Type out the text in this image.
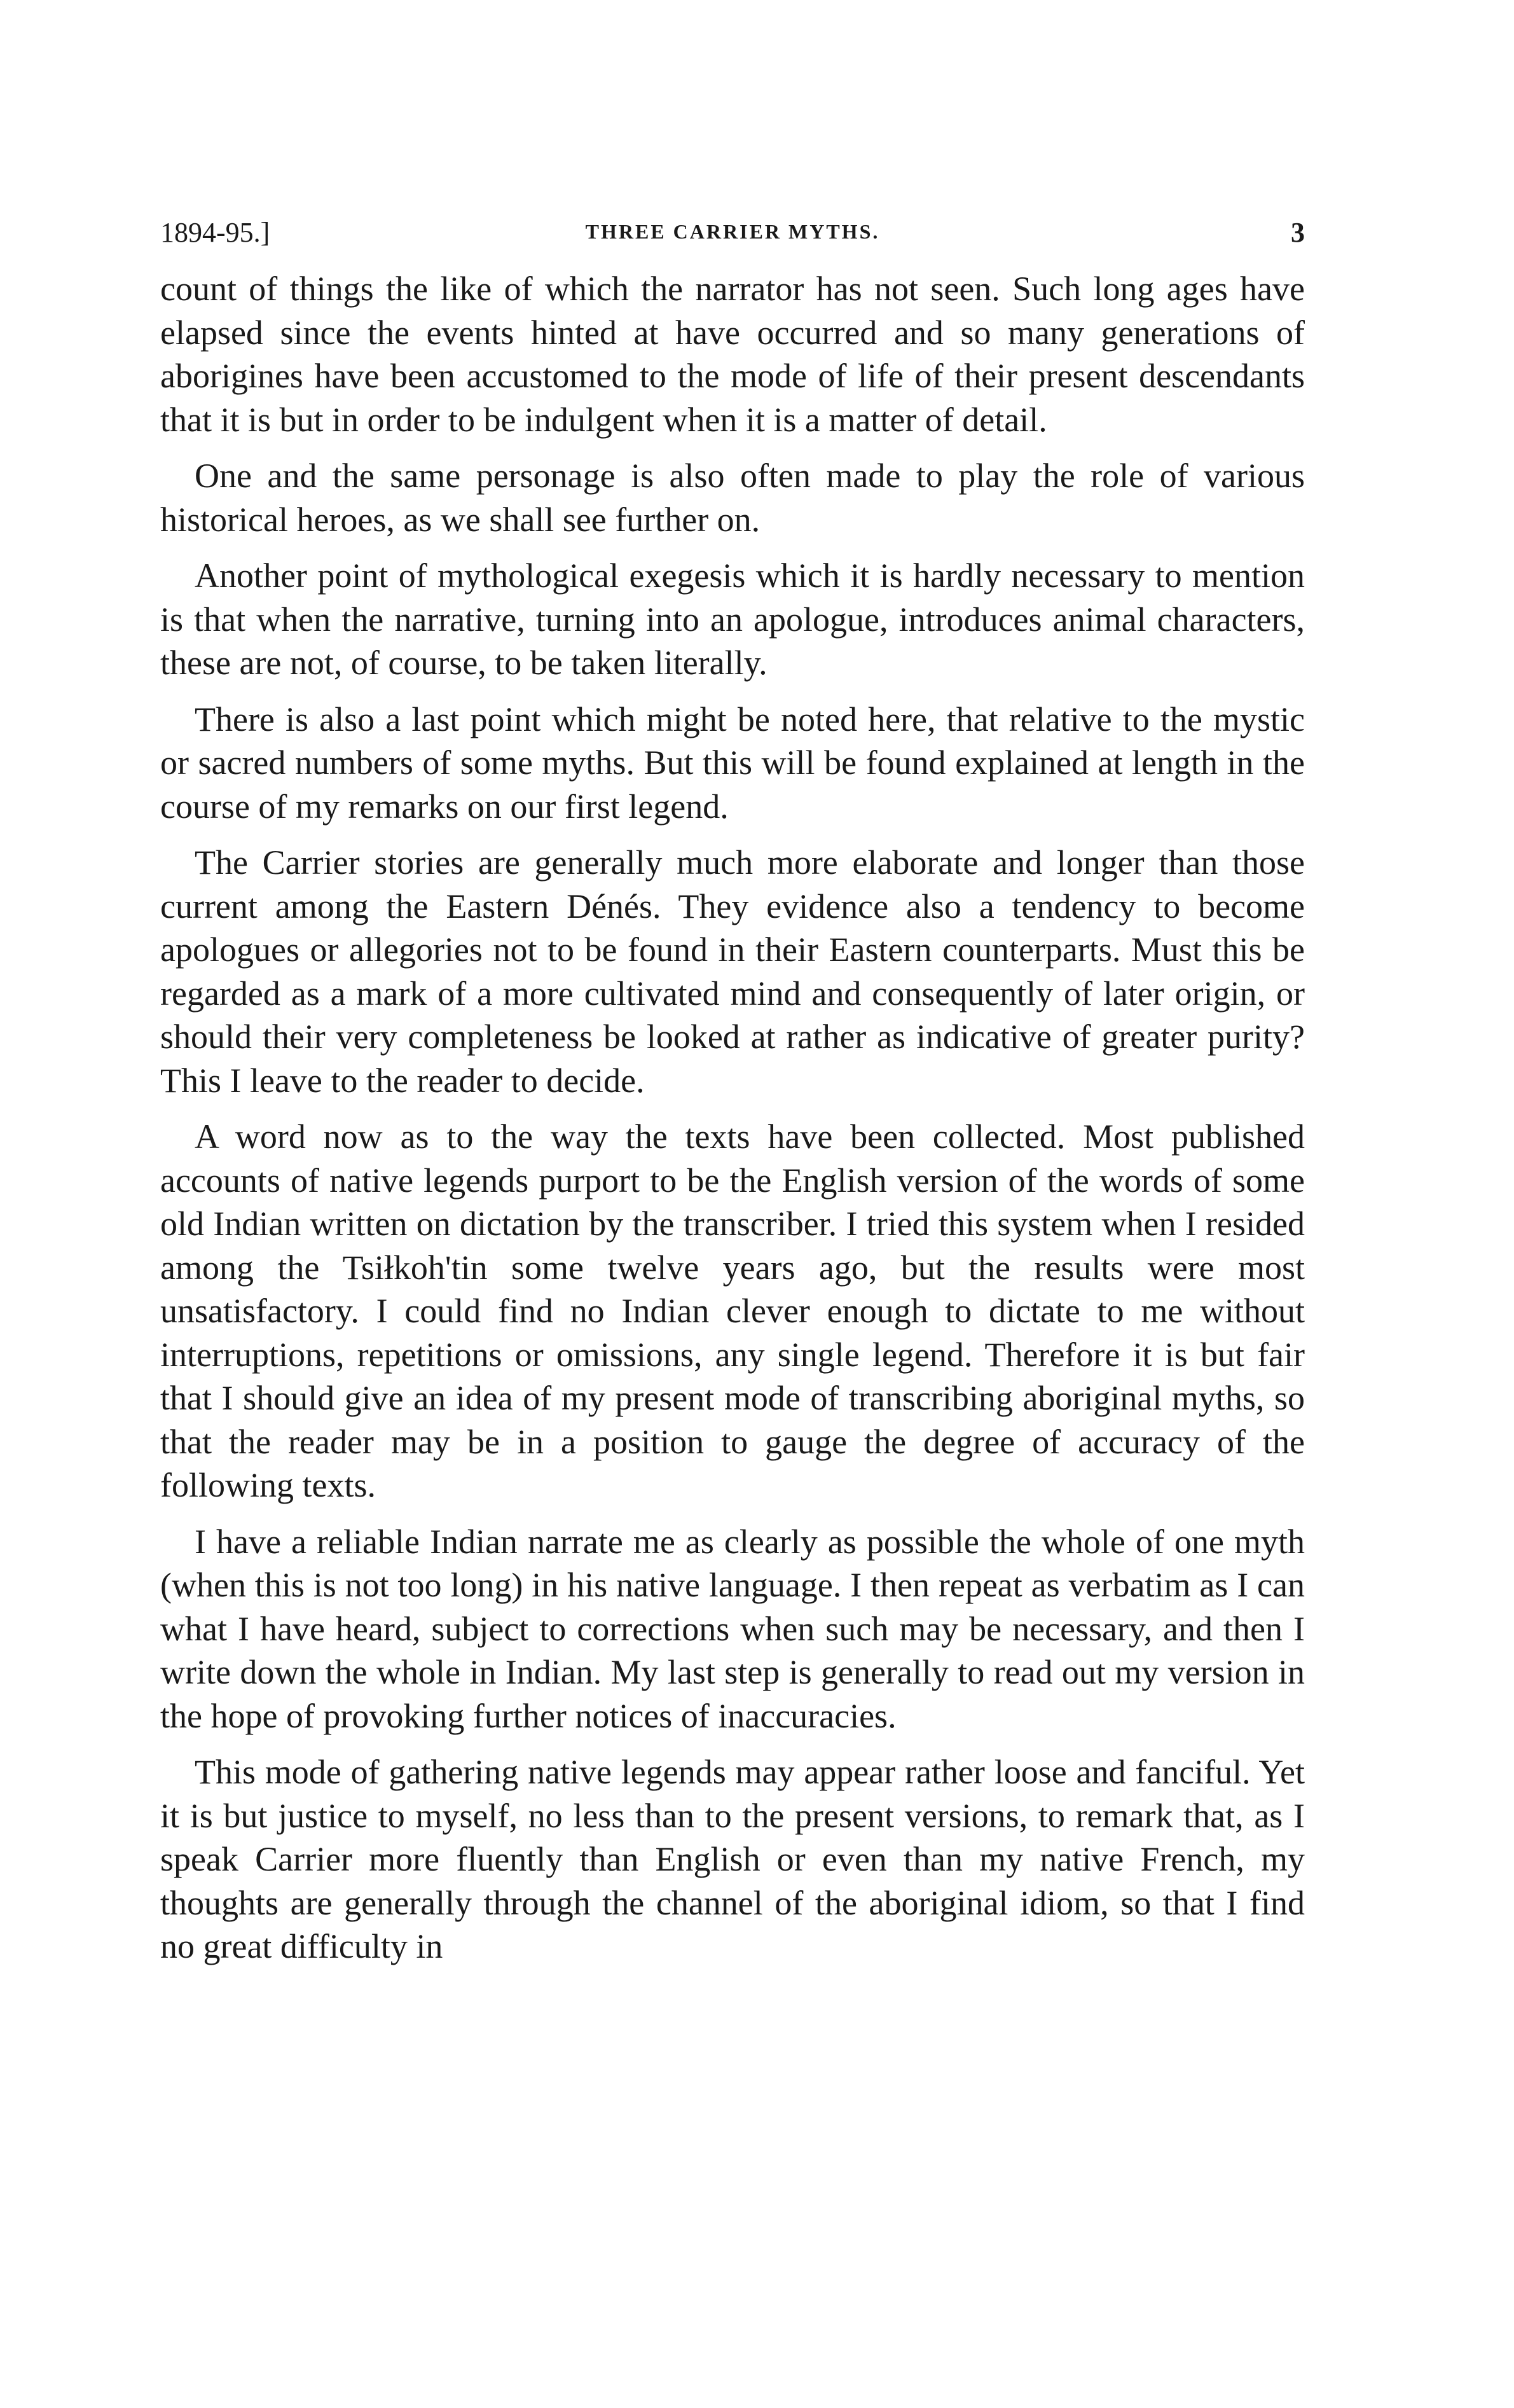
1894-95.]	THREE CARRIER MYTHS.	3

count of things the like of which the narrator has not seen. Such long ages have elapsed since the events hinted at have occurred and so many generations of aborigines have been accustomed to the mode of life of their present descendants that it is but in order to be indulgent when it is a matter of detail.

One and the same personage is also often made to play the role of various historical heroes, as we shall see further on.

Another point of mythological exegesis which it is hardly necessary to mention is that when the narrative, turning into an apologue, introduces animal characters, these are not, of course, to be taken literally.

There is also a last point which might be noted here, that relative to the mystic or sacred numbers of some myths. But this will be found explained at length in the course of my remarks on our first legend.

The Carrier stories are generally much more elaborate and longer than those current among the Eastern Dénés. They evidence also a tendency to become apologues or allegories not to be found in their Eastern counterparts. Must this be regarded as a mark of a more cultivated mind and consequently of later origin, or should their very completeness be looked at rather as indicative of greater purity? This I leave to the reader to decide.

A word now as to the way the texts have been collected. Most published accounts of native legends purport to be the English version of the words of some old Indian written on dictation by the transcriber. I tried this system when I resided among the Tsiłkoh'tin some twelve years ago, but the results were most unsatisfactory. I could find no Indian clever enough to dictate to me without interruptions, repetitions or omissions, any single legend. Therefore it is but fair that I should give an idea of my present mode of transcribing aboriginal myths, so that the reader may be in a position to gauge the degree of accuracy of the following texts.

I have a reliable Indian narrate me as clearly as possible the whole of one myth (when this is not too long) in his native language. I then repeat as verbatim as I can what I have heard, subject to corrections when such may be necessary, and then I write down the whole in Indian. My last step is generally to read out my version in the hope of provoking further notices of inaccuracies.

This mode of gathering native legends may appear rather loose and fanciful. Yet it is but justice to myself, no less than to the present versions, to remark that, as I speak Carrier more fluently than English or even than my native French, my thoughts are generally through the channel of the aboriginal idiom, so that I find no great difficulty in
